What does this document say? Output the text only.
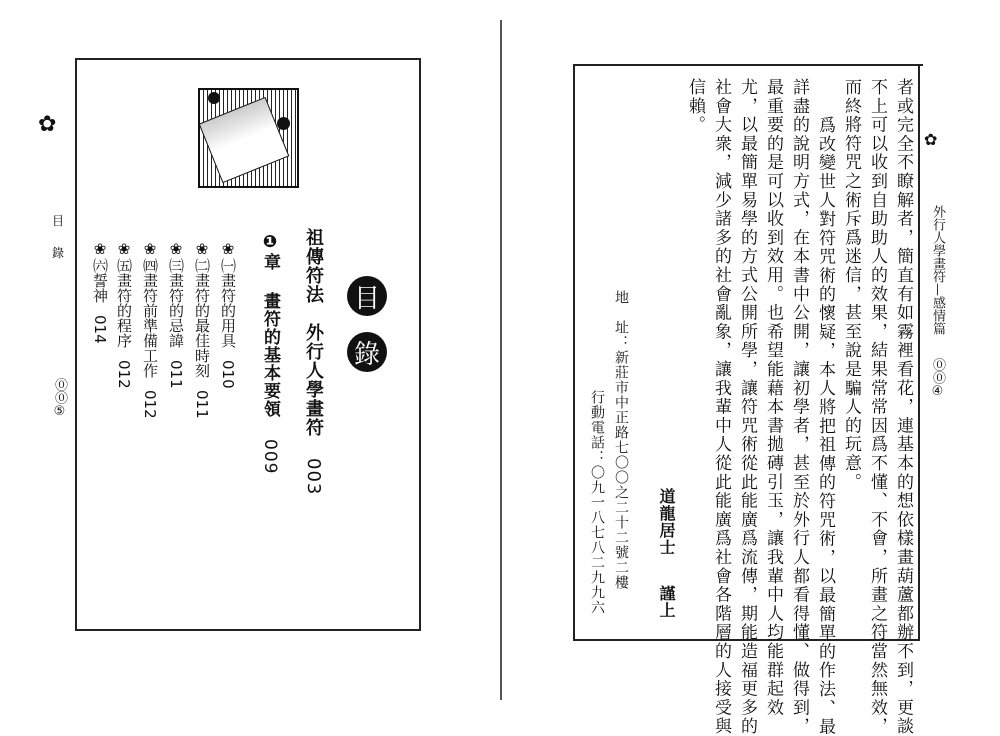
✿
目
錄
⓪⓪⑤
目
錄
祖傳符法　外行人學畫符 003
❶章 畫符的基本要領 009
❀㈠畫符的用具010
❀㈡畫符的最佳時刻011
❀㈢畫符的忌諱011
❀㈣畫符前準備工作012
❀㈤畫符的程序012
❀㈥誓神014
✿
外行人學畫符—感情篇
⓪⓪④
者或完全不瞭解者，簡直有如霧裡看花，連基本的想依樣畫葫蘆都辦不到，更談
不上可以收到自助助人的效果，結果常常因爲不懂、不會，所畫之符當然無效，
而終將符咒之術斥爲迷信，甚至說是騙人的玩意。
爲改變世人對符咒術的懷疑，本人將把祖傳的符咒術，以最簡單的作法、最
詳盡的說明方式，在本書中公開，讓初學者，甚至於外行人都看得懂、做得到，
最重要的是可以收到效用。也希望能藉本書拋磚引玉，讓我輩中人均能群起效
尤，以最簡單易學的方式公開所學，讓符咒術從此能廣爲流傳，期能造福更多的
社會大衆，減少諸多的社會亂象，讓我輩中人從此能廣爲社會各階層的人接受與
信賴。
道龍居士 謹上
地　址：新莊市中正路七〇〇之二十二號二樓
行動電話：〇九一八七八二九九六
